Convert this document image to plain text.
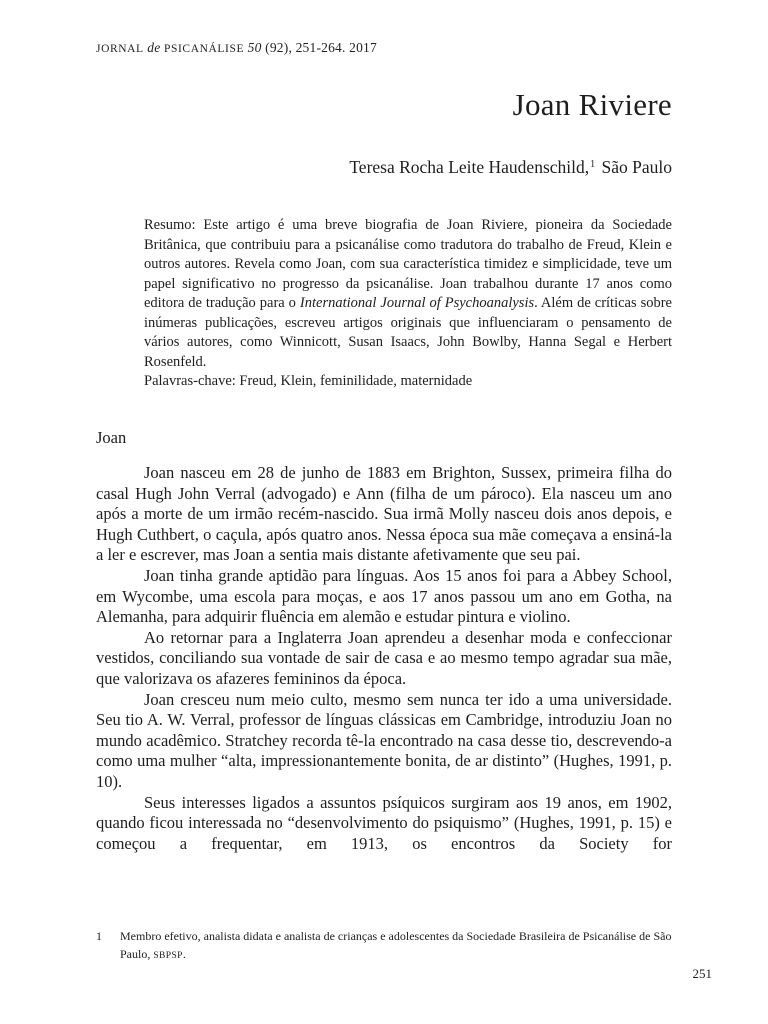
JORNAL de PSICANÁLISE 50 (92), 251-264. 2017
Joan Riviere
Teresa Rocha Leite Haudenschild,$^1$ São Paulo
Resumo: Este artigo é uma breve biografia de Joan Riviere, pioneira da Sociedade Britânica, que contribuiu para a psicanálise como tradutora do trabalho de Freud, Klein e outros autores. Revela como Joan, com sua característica timidez e simplicidade, teve um papel significativo no progresso da psicanálise. Joan trabalhou durante 17 anos como editora de tradução para o International Journal of Psychoanalysis. Além de críticas sobre inúmeras publicações, escreveu artigos originais que influenciaram o pensamento de vários autores, como Winnicott, Susan Isaacs, John Bowlby, Hanna Segal e Herbert Rosenfeld.
Palavras-chave: Freud, Klein, feminilidade, maternidade
Joan

Joan nasceu em 28 de junho de 1883 em Brighton, Sussex, primeira filha do casal Hugh John Verral (advogado) e Ann (filha de um pároco). Ela nasceu um ano após a morte de um irmão recém-nascido. Sua irmã Molly nasceu dois anos depois, e Hugh Cuthbert, o caçula, após quatro anos. Nessa época sua mãe começava a ensiná-la a ler e escrever, mas Joan a sentia mais distante afetivamente que seu pai.

Joan tinha grande aptidão para línguas. Aos 15 anos foi para a Abbey School, em Wycombe, uma escola para moças, e aos 17 anos passou um ano em Gotha, na Alemanha, para adquirir fluência em alemão e estudar pintura e violino.

Ao retornar para a Inglaterra Joan aprendeu a desenhar moda e confeccionar vestidos, conciliando sua vontade de sair de casa e ao mesmo tempo agradar sua mãe, que valorizava os afazeres femininos da época.

Joan cresceu num meio culto, mesmo sem nunca ter ido a uma universidade. Seu tio A. W. Verral, professor de línguas clássicas em Cambridge, introduziu Joan no mundo acadêmico. Stratchey recorda tê-la encontrado na casa desse tio, descrevendo-a como uma mulher “alta, impressionantemente bonita, de ar distinto” (Hughes, 1991, p. 10).

Seus interesses ligados a assuntos psíquicos surgiram aos 19 anos, em 1902, quando ficou interessada no “desenvolvimento do psiquismo” (Hughes, 1991, p. 15) e começou a frequentar, em 1913, os encontros da Society for

1	Membro efetivo, analista didata e analista de crianças e adolescentes da Sociedade Brasileira de Psicanálise de São Paulo, SBPSP.
251
